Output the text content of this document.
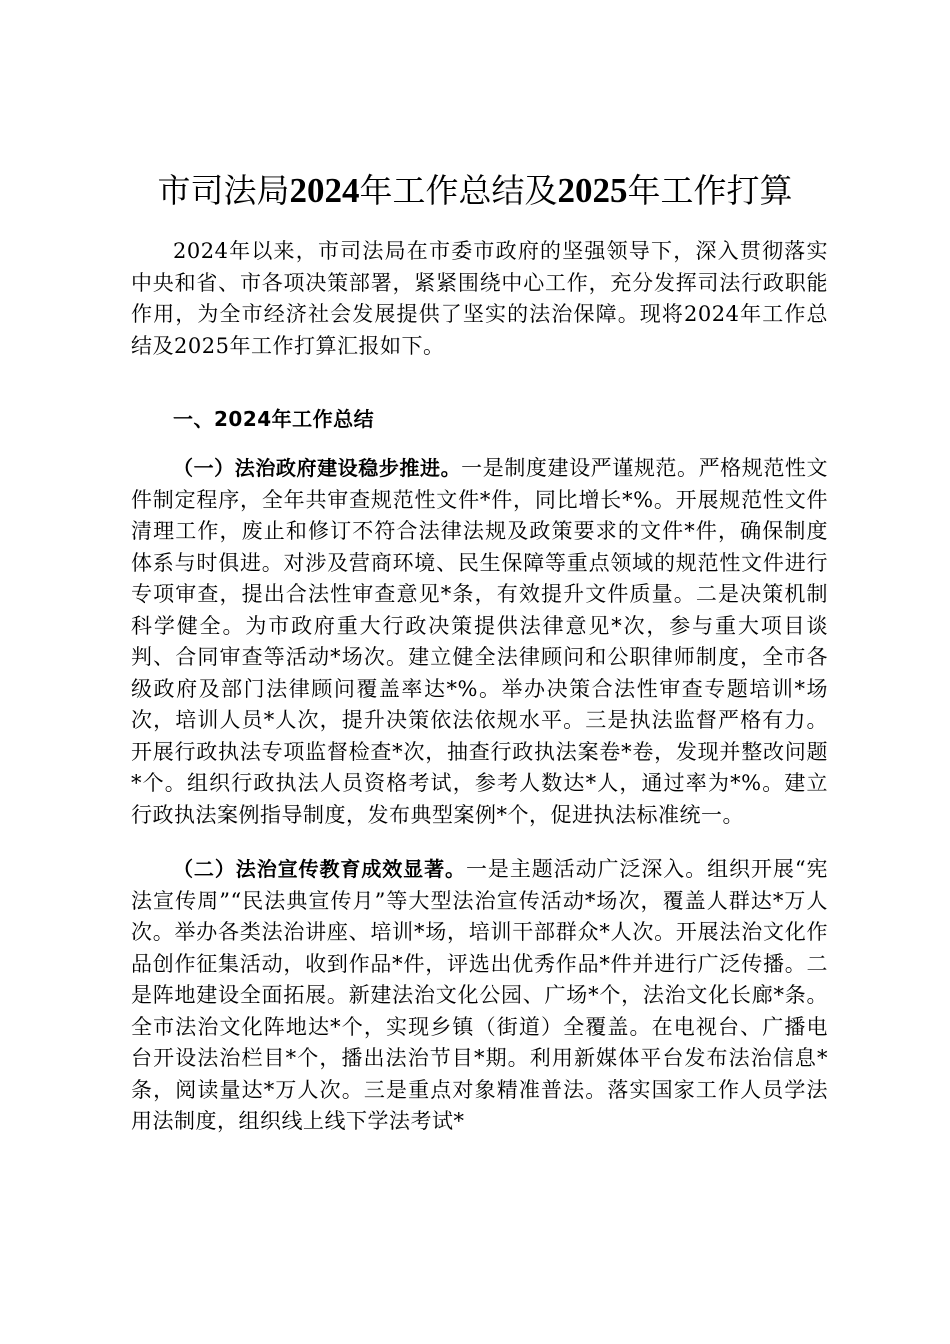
市司法局2024年工作总结及2025年工作打算

2024年以来，市司法局在市委市政府的坚强领导下，深入贯彻落实中央和省、市各项决策部署，紧紧围绕中心工作，充分发挥司法行政职能作用，为全市经济社会发展提供了坚实的法治保障。现将2024年工作总结及2025年工作打算汇报如下。

一、2024年工作总结

（一）法治政府建设稳步推进。一是制度建设严谨规范。严格规范性文件制定程序，全年共审查规范性文件*件，同比增长*%。开展规范性文件清理工作，废止和修订不符合法律法规及政策要求的文件*件，确保制度体系与时俱进。对涉及营商环境、民生保障等重点领域的规范性文件进行专项审查，提出合法性审查意见*条，有效提升文件质量。二是决策机制科学健全。为市政府重大行政决策提供法律意见*次，参与重大项目谈判、合同审查等活动*场次。建立健全法律顾问和公职律师制度，全市各级政府及部门法律顾问覆盖率达*%。举办决策合法性审查专题培训*场次，培训人员*人次，提升决策依法依规水平。三是执法监督严格有力。开展行政执法专项监督检查*次，抽查行政执法案卷*卷，发现并整改问题*个。组织行政执法人员资格考试，参考人数达*人，通过率为*%。建立行政执法案例指导制度，发布典型案例*个，促进执法标准统一。

（二）法治宣传教育成效显著。一是主题活动广泛深入。组织开展“宪法宣传周”“民法典宣传月”等大型法治宣传活动*场次，覆盖人群达*万人次。举办各类法治讲座、培训*场，培训干部群众*人次。开展法治文化作品创作征集活动，收到作品*件，评选出优秀作品*件并进行广泛传播。二是阵地建设全面拓展。新建法治文化公园、广场*个，法治文化长廊*条。全市法治文化阵地达*个，实现乡镇（街道）全覆盖。在电视台、广播电台开设法治栏目*个，播出法治节目*期。利用新媒体平台发布法治信息*条，阅读量达*万人次。三是重点对象精准普法。落实国家工作人员学法用法制度，组织线上线下学法考试*
